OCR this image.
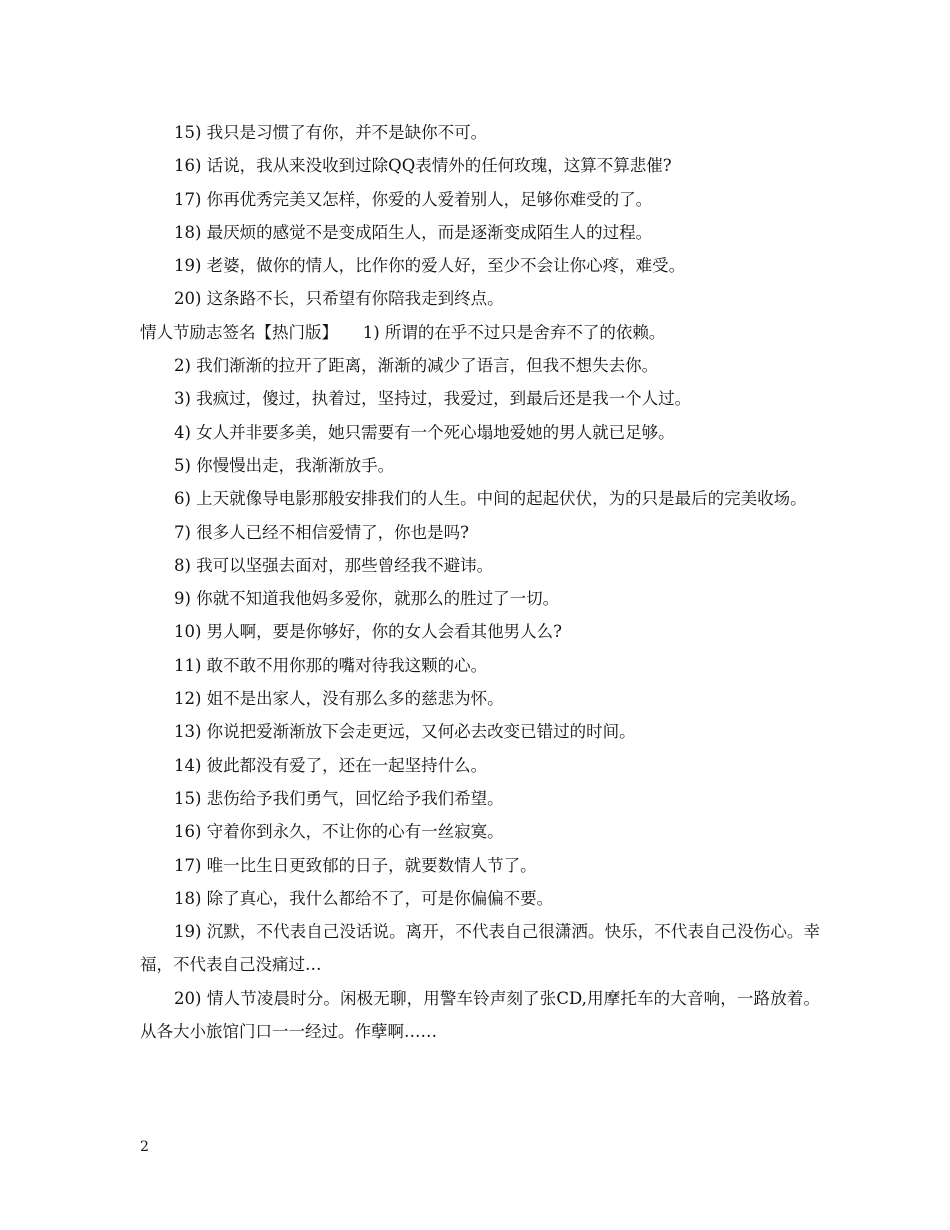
15) 我只是习惯了有你，并不是缺你不可。

16) 话说，我从来没收到过除QQ表情外的任何玫瑰，这算不算悲催?

17) 你再优秀完美又怎样，你爱的人爱着别人，足够你难受的了。

18) 最厌烦的感觉不是变成陌生人，而是逐渐变成陌生人的过程。

19) 老婆，做你的情人，比作你的爱人好，至少不会让你心疼，难受。

20) 这条路不长，只希望有你陪我走到终点。

情人节励志签名【热门版】　　1) 所谓的在乎不过只是舍弃不了的依赖。

2) 我们渐渐的拉开了距离，渐渐的减少了语言，但我不想失去你。

3) 我疯过，傻过，执着过，坚持过，我爱过，到最后还是我一个人过。

4) 女人并非要多美，她只需要有一个死心塌地爱她的男人就已足够。

5) 你慢慢出走，我渐渐放手。

6) 上天就像导电影那般安排我们的人生。中间的起起伏伏，为的只是最后的完美收场。

7) 很多人已经不相信爱情了，你也是吗?

8) 我可以坚强去面对，那些曾经我不避讳。

9) 你就不知道我他妈多爱你，就那么的胜过了一切。

10) 男人啊，要是你够好，你的女人会看其他男人么?

11) 敢不敢不用你那的嘴对待我这颗的心。

12) 姐不是出家人，没有那么多的慈悲为怀。

13) 你说把爱渐渐放下会走更远，又何必去改变已错过的时间。

14) 彼此都没有爱了，还在一起坚持什么。

15) 悲伤给予我们勇气，回忆给予我们希望。

16) 守着你到永久，不让你的心有一丝寂寞。

17) 唯一比生日更致郁的日子，就要数情人节了。

18) 除了真心，我什么都给不了，可是你偏偏不要。

19) 沉默，不代表自己没话说。离开，不代表自己很潇洒。快乐，不代表自己没伤心。幸福，不代表自己没痛过…

20) 情人节凌晨时分。闲极无聊，用警车铃声刻了张CD,用摩托车的大音响，一路放着。从各大小旅馆门口一一经过。作孽啊……

2
